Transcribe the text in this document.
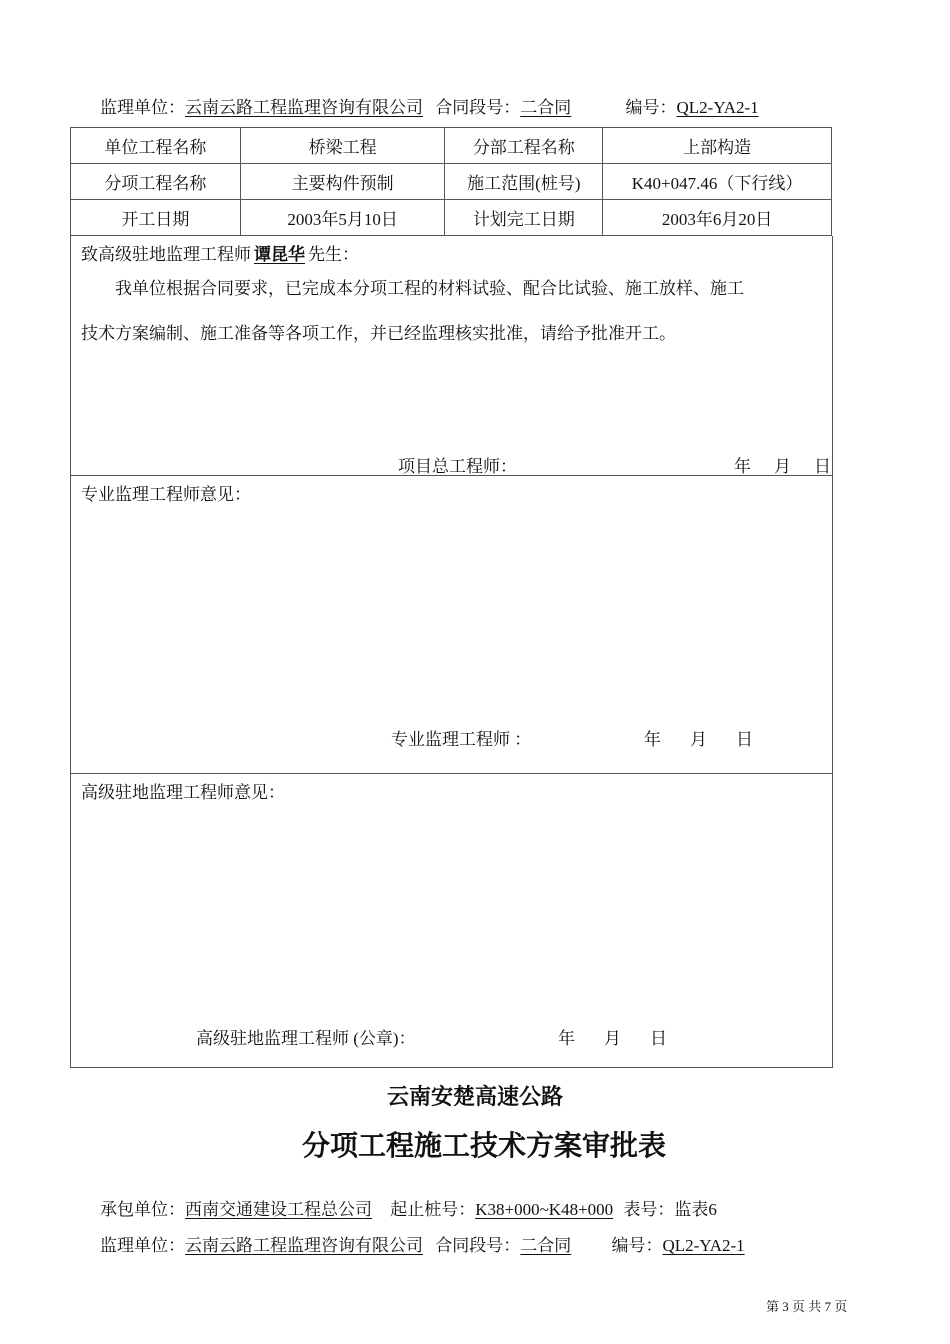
监理单位：云南云路工程监理咨询有限公司 合同段号：二合同	编号：QL2-YA2-1
单位工程名称	桥梁工程	分部工程名称	上部构造
分项工程名称	主要构件预制	施工范围(桩号)	K40+047.46（下行线）
开工日期	2003年5月10日	计划完工日期	2003年6月20日
致高级驻地监理工程师 谭昆华 先生：
我单位根据合同要求，已完成本分项工程的材料试验、配合比试验、施工放样、施工
技术方案编制、施工准备等各项工作，并已经监理核实批准，请给予批准开工。
项目总工程师：	年　月　日
专业监理工程师意见：
专业监理工程师 ：	年　月　日
高级驻地监理工程师意见：
高级驻地监理工程师 (公章)：	年　月　日
云南安楚高速公路
分项工程施工技术方案审批表
承包单位：西南交通建设工程总公司 起止桩号：K38+000~K48+000 表号：监表6
监理单位：云南云路工程监理咨询有限公司 合同段号：二合同 编号：QL2-YA2-1
第 3 页 共 7 页
